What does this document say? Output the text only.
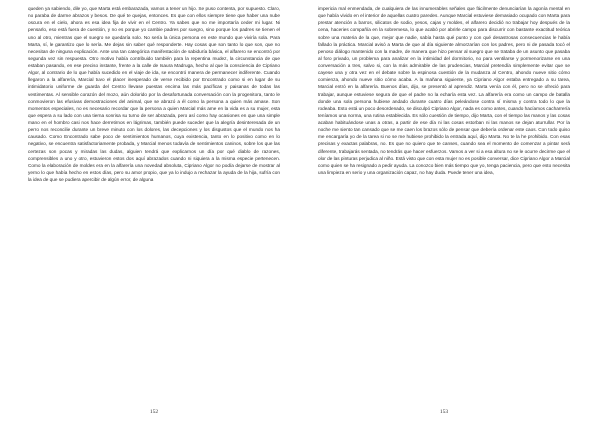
queden ya sabiendo, dile yo, que Marta está embarazada, vamos a tener un hijo. Se puso contenta, por supuesto. Claro, no paraba de darme abrazos y besos. De qué te quejas, entonces. Es que con ellos siempre tiene que haber una nube oscura en el cielo, ahora es esa idea fija de vivir en el Centro. Ya sabes que no me importaría ceder mi lugar. Ni pensarlo, eso está fuera de cuestión, y no es porque yo cambie padres por suegro, sino porque los padres se tienen el uno al otro, mientras que el suegro se quedaría solo. No sería la única persona en este mundo que viviría sola. Para Marta, sí, le garantizo que lo sería. Me dejas sin saber qué responderte. Hay cosas que son tanto lo que son, que no necesitan de ninguna explicación. Ante una tan categórica manifestación de sabiduría básica, el alfarero se encontró por segunda vez sin respuesta. Otro motivo había contribuido también para la repentina mudez, la circunstancia de que estaban pasando, en ese preciso instante, frente a la calle de Isaura Madruga, hecho al que la consciencia de Cipriano Algor, al contrario de lo que había sucedido en el viaje de ida, se encontró manera de permanecer indiferente. Cuando llegaron a la alfarería, Marcial tuvo el placer inesperado de verse recibido por Encontrado como si en lugar de su intimidatorio uniforme de guarda del Centro llevase puestas encima las más pacíficas y paisanas de todas las vestimentas. Al sensible corazón del mozo, aún dolorido por la desafortunada conversación con la progenitora, tanto le conmovieron las efusivas demostraciones del animal, que se abrazó a él como la persona a quien más amase. Son momentos especiales, no es necesario recordar que la persona a quien Marcial más ame en la vida es a su mujer, esta que espera a su lado con una tierna sonrisa su turno de ser abrazada, pero así como hay ocasiones en que una simple mano en el hombro casi nos hace derretirnos en lágrimas, también puede suceder que la alegría desinteresada de un perro nos reconcilie durante un breve minuto con los dolores, las decepciones y los disgustos que el mundo nos ha causado. Como Encontrado sabe poco de sentimientos humanos, cuya existencia, tanto en lo positivo como en lo negativo, se encuentra satisfactoriamente probada, y Marcial menos todavía de sentimientos caninos, sobre los que las certezas son pocas y miradas las dudas, alguien tendrá que explicarnos un día por qué diablo de razones, comprensibles a uno y otro, estuvieron estos dos aquí abrazados cuando ni siquiera a la misma especie pertenecen. Como la elaboración de moldes era en la alfarería una novedad absoluta, Cipriano Algor no podía dejarse de mostrar al yerno lo que había hecho en estos días, pero su amor propio, que ya lo indujo a rechazar la ayuda de la hija, sufría con la idea de que se pudiera apercibir de algún error, de alguna

152

impericia mal enmendada, de cualquiera de las innumerables señales que fácilmente denunciarían la agonía mental en que había vivido en el interior de aquellas cuatro paredes. Aunque Marcial estuviese demasiado ocupado con Marta para prestar atención a barros, silicatos de sodio, yesos, cajas y moldes, el alfarero decidió no trabajar hoy después de la cena, haceries compañía en la sobremesa, lo que acabó por abrirle campo para discurrir con bastante exactitud teórica sobre una materia de la que, mejor que nadie, sabía hasta qué punto y con qué desastrosas consecuencias le había fallado la práctica. Marcial avisó a Marta de que al día siguiente almorzarían con los padres, pero ni de pasada tocó el penoso diálogo mantenido con la madre, de manera que hizo pensar al suegro que se trataba de un asunto que pasaba al foro privado, un problema para analizar en la intimidad del dormitorio, no para ventilarse y pormenorizarse en una conversación a tres, salvo si, con la más admirable de las prudencias, Marcial pretendía simplemente evitar que se cayese una y otra vez en el debate sobre la espinosa cuestión de la mudanza al Centro, ahondo nueve sitio cómo comienza, ahondo nueve sitio cómo acaba. A la mañana siguiente, ya Cipriano Algor estaba entregado a su tarea, Marcial entró en la alfarería. Buenos días, dijo, se presentó al aprendiz. Marta venía con él, pero no se ofreció para trabajar, aunque estuviese segura de que el padre no la echaría esta vez. La alfarería era como un campo de batalla donde una sola persona hubiese andado durante cuatro días peleándose contra sí misma y contra todo lo que la rodeaba. Esto está un poco desordenado, se disculpó Cipriano Algor, nada es como antes, cuando hacíamos cacharrería teníamos una norma, una rutina establecida. Es sólo cuestión de tiempo, dijo Marta, con el tiempo las manos y las cosas acaban habituándose unas a otras, a partir de ese día ni las cosas estorban ni las manos se dejan aturrullar. Por la noche me siento tan cansado que se me caen los brazos sólo de pensar que debería ordenar este caos. Con todo quiso me encargaría yo de la tarea si no se me hubiese prohibido la entrada aquí, dijo Marta. No te la he prohibido. Con esas precisas y exactas palabras, no. Es que no quiero que te canses, cuando sea el momento de comenzar a pintar será diferente, trabajarás sentada, no tendrás que hacer esfuerzos. Vamos a ver si a esa altura no se le ocurre decirme que el olor de las pinturas perjudica al niño. Está visto que con esta mujer no es posible conversar, dice Cipriano Algor a Marcial como quien se ha resignado a pedir ayuda. La conozco bien más tiempo que yo, tenga paciencia, pero que esto necesita una limpieza en serio y una organización capaz, no hay duda. Puede tener una idea,

153
